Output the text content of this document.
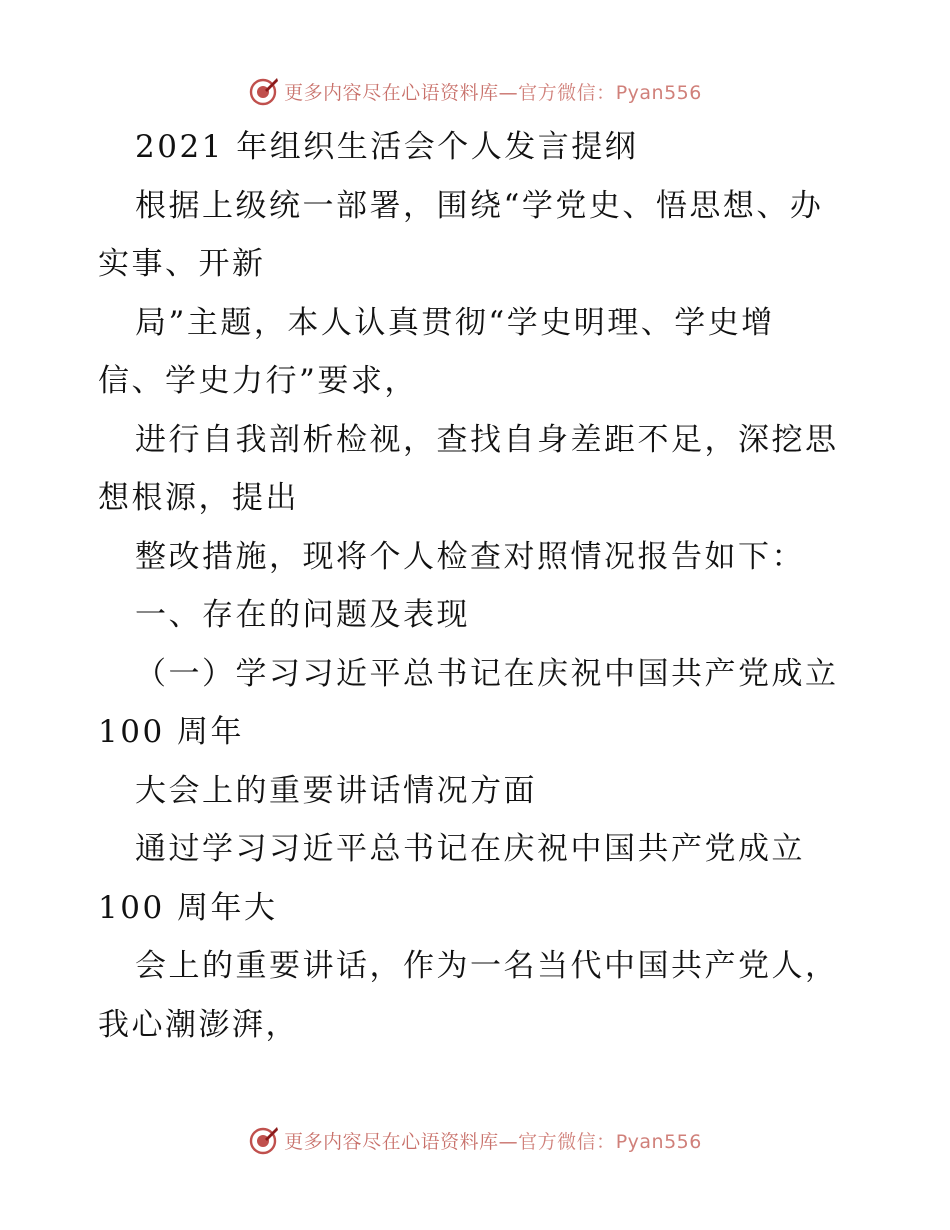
更多内容尽在心语资料库—官方微信：Pyan556
2021 年组织生活会个人发言提纲
根据上级统一部署，围绕“学党史、悟思想、办
实事、开新
局”主题，本人认真贯彻“学史明理、学史增
信、学史力行”要求，
进行自我剖析检视，查找自身差距不足，深挖思
想根源，提出
整改措施，现将个人检查对照情况报告如下：
一、存在的问题及表现
（一）学习习近平总书记在庆祝中国共产党成立
100 周年
大会上的重要讲话情况方面
通过学习习近平总书记在庆祝中国共产党成立
100 周年大
会上的重要讲话，作为一名当代中国共产党人，
我心潮澎湃，
更多内容尽在心语资料库—官方微信：Pyan556
